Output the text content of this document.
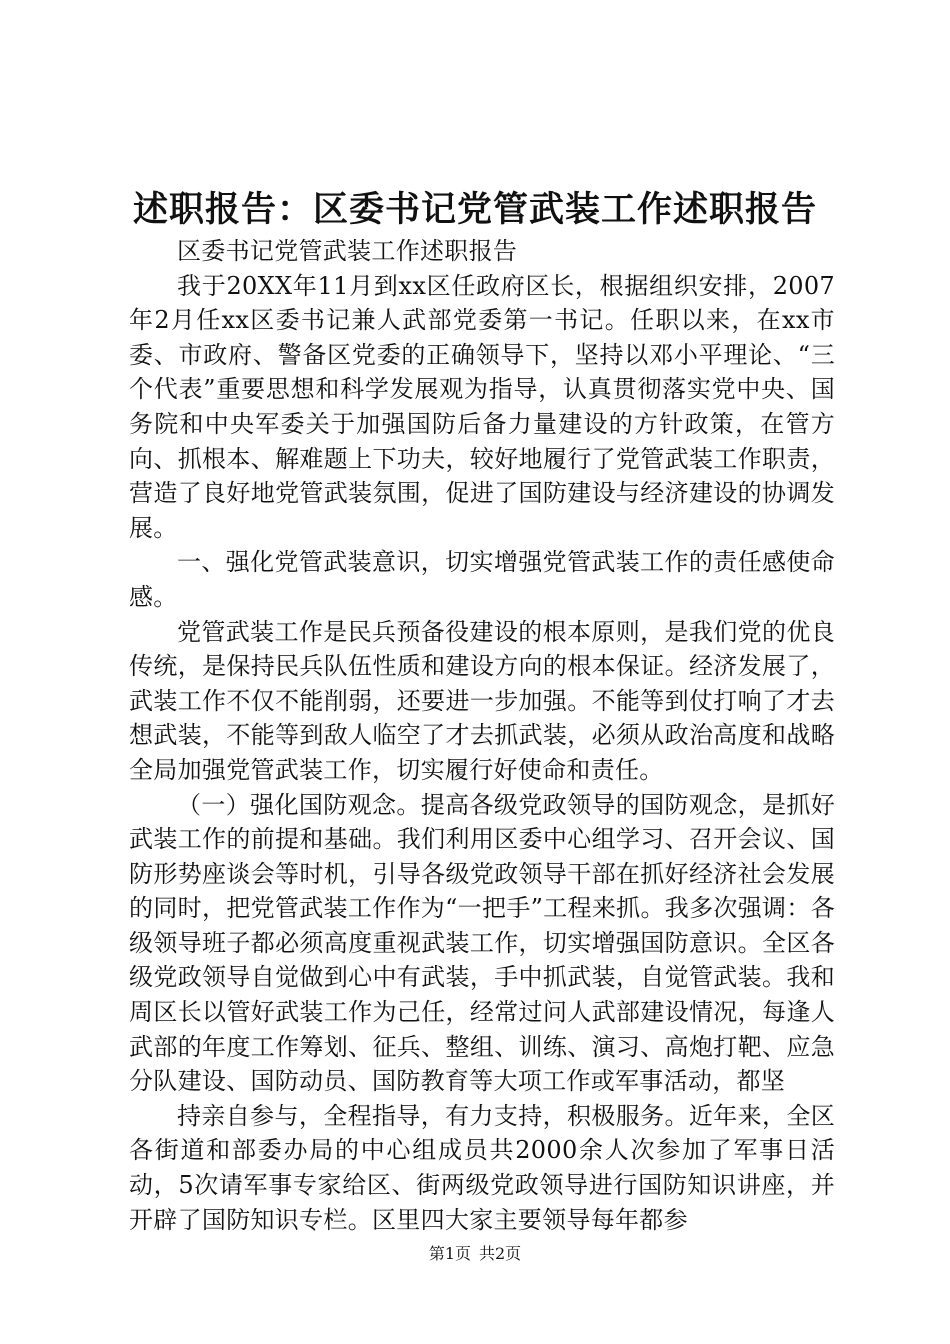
述职报告：区委书记党管武装工作述职报告

区委书记党管武装工作述职报告

我于20XX年11月到xx区任政府区长，根据组织安排，2007年2月任xx区委书记兼人武部党委第一书记。任职以来，在xx市委、市政府、警备区党委的正确领导下，坚持以邓小平理论、“三个代表”重要思想和科学发展观为指导，认真贯彻落实党中央、国务院和中央军委关于加强国防后备力量建设的方针政策，在管方向、抓根本、解难题上下功夫，较好地履行了党管武装工作职责，营造了良好地党管武装氛围，促进了国防建设与经济建设的协调发展。

一、强化党管武装意识，切实增强党管武装工作的责任感使命感。

党管武装工作是民兵预备役建设的根本原则，是我们党的优良传统，是保持民兵队伍性质和建设方向的根本保证。经济发展了，武装工作不仅不能削弱，还要进一步加强。不能等到仗打响了才去想武装，不能等到敌人临空了才去抓武装，必须从政治高度和战略全局加强党管武装工作，切实履行好使命和责任。

（一）强化国防观念。提高各级党政领导的国防观念，是抓好武装工作的前提和基础。我们利用区委中心组学习、召开会议、国防形势座谈会等时机，引导各级党政领导干部在抓好经济社会发展的同时，把党管武装工作作为“一把手”工程来抓。我多次强调：各级领导班子都必须高度重视武装工作，切实增强国防意识。全区各级党政领导自觉做到心中有武装，手中抓武装，自觉管武装。我和周区长以管好武装工作为己任，经常过问人武部建设情况，每逢人武部的年度工作筹划、征兵、整组、训练、演习、高炮打靶、应急分队建设、国防动员、国防教育等大项工作或军事活动，都坚

持亲自参与，全程指导，有力支持，积极服务。近年来，全区各街道和部委办局的中心组成员共2000余人次参加了军事日活动，5次请军事专家给区、街两级党政领导进行国防知识讲座，并开辟了国防知识专栏。区里四大家主要领导每年都参

第1页 共2页
